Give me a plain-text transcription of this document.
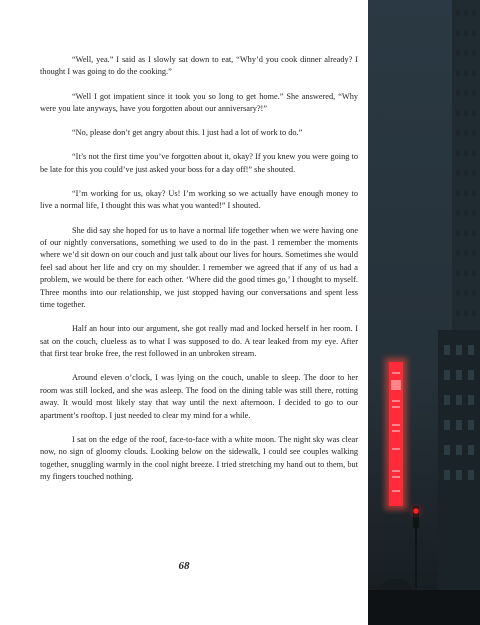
“Well, yea.” I said as I slowly sat down to eat, “Why’d you cook dinner already? I thought I was going to do the cooking.”

“Well I got impatient since it took you so long to get home.” She answered, “Why were you late anyways, have you forgotten about our anniversary?!”

“No, please don’t get angry about this. I just had a lot of work to do.”

“It’s not the first time you’ve forgotten about it, okay? If you knew you were going to be late for this you could’ve just asked your boss for a day off!” she shouted.

“I’m working for us, okay? Us! I’m working so we actually have enough money to live a normal life, I thought this was what you wanted!” I shouted.

She did say she hoped for us to have a normal life together when we were having one of our nightly conversations, something we used to do in the past. I remember the moments where we’d sit down on our couch and just talk about our lives for hours. Sometimes she would feel sad about her life and cry on my shoulder. I remember we agreed that if any of us had a problem, we would be there for each other. ‘Where did the good times go,’ I thought to myself. Three months into our relationship, we just stopped having our conversations and spent less time together.

Half an hour into our argument, she got really mad and locked herself in her room. I sat on the couch, clueless as to what I was supposed to do. A tear leaked from my eye. After that first tear broke free, the rest followed in an unbroken stream.

Around eleven o’clock, I was lying on the couch, unable to sleep. The door to her room was still locked, and she was asleep. The food on the dining table was still there, rotting away. It would most likely stay that way until the next afternoon. I decided to go to our apartment’s rooftop. I just needed to clear my mind for a while.

I sat on the edge of the roof, face-to-face with a white moon. The night sky was clear now, no sign of gloomy clouds. Looking below on the sidewalk, I could see couples walking together, snuggling warmly in the cool night breeze. I tried stretching my hand out to them, but my fingers touched nothing.

68
